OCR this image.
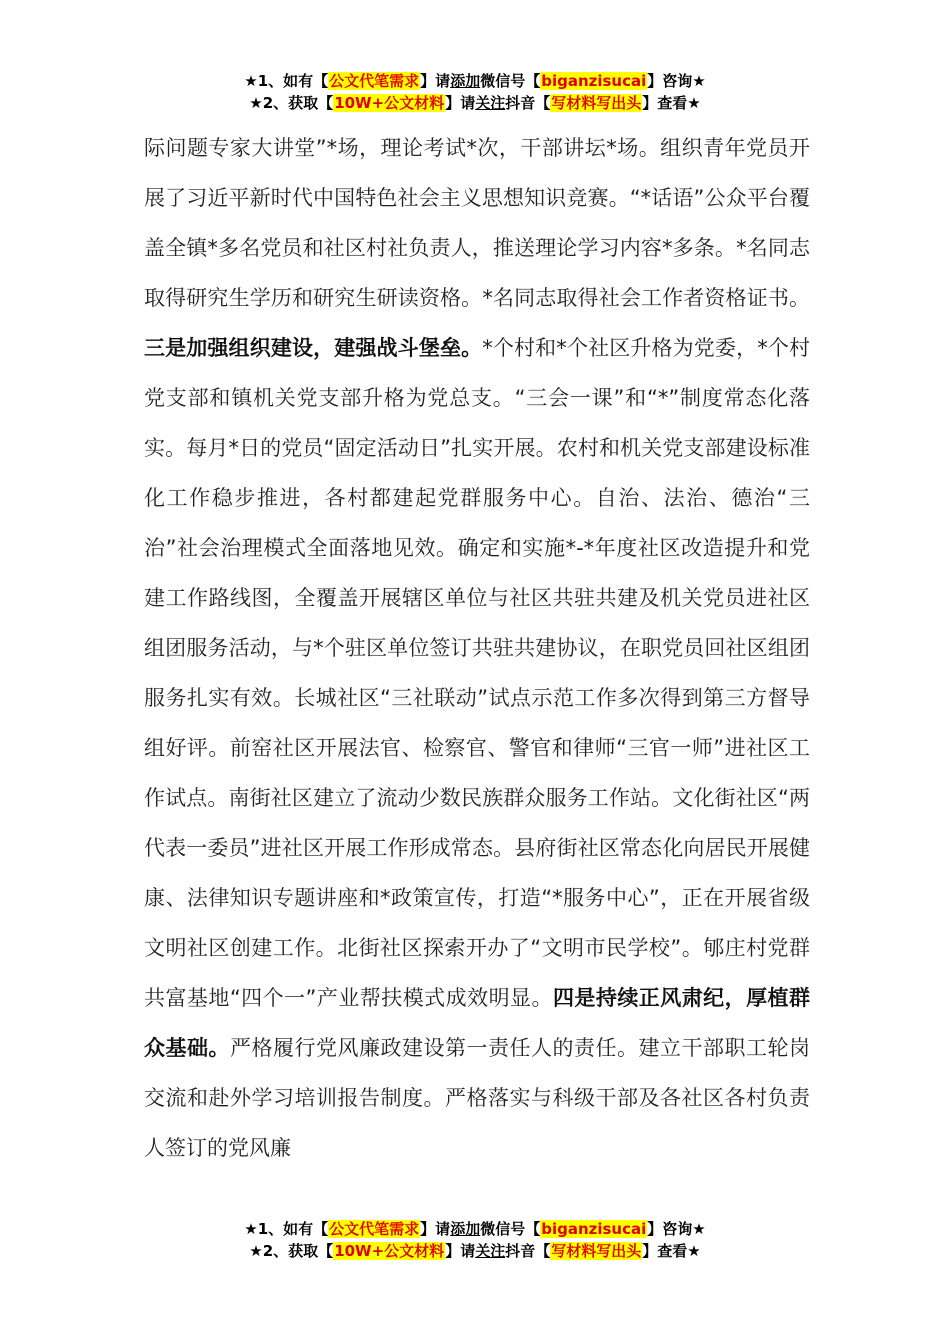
★1、如有【公文代笔需求】请添加微信号【biganzisucai】咨询★
★2、获取【10W+公文材料】请关注抖音【写材料写出头】查看★

际问题专家大讲堂”*场，理论考试*次，干部讲坛*场。组织青年党员开展了习近平新时代中国特色社会主义思想知识竞赛。“*话语”公众平台覆盖全镇*多名党员和社区村社负责人，推送理论学习内容*多条。*名同志取得研究生学历和研究生研读资格。*名同志取得社会工作者资格证书。三是加强组织建设，建强战斗堡垒。*个村和*个社区升格为党委，*个村党支部和镇机关党支部升格为党总支。“三会一课”和“*”制度常态化落实。每月*日的党员“固定活动日”扎实开展。农村和机关党支部建设标准化工作稳步推进，各村都建起党群服务中心。自治、法治、德治“三治”社会治理模式全面落地见效。确定和实施*-*年度社区改造提升和党建工作路线图，全覆盖开展辖区单位与社区共驻共建及机关党员进社区组团服务活动，与*个驻区单位签订共驻共建协议，在职党员回社区组团服务扎实有效。长城社区“三社联动”试点示范工作多次得到第三方督导组好评。前窑社区开展法官、检察官、警官和律师“三官一师”进社区工作试点。南街社区建立了流动少数民族群众服务工作站。文化街社区“两代表一委员”进社区开展工作形成常态。县府街社区常态化向居民开展健康、法律知识专题讲座和*政策宣传，打造“*服务中心”，正在开展省级文明社区创建工作。北街社区探索开办了“文明市民学校”。郇庄村党群共富基地“四个一”产业帮扶模式成效明显。四是持续正风肃纪，厚植群众基础。严格履行党风廉政建设第一责任人的责任。建立干部职工轮岗交流和赴外学习培训报告制度。严格落实与科级干部及各社区各村负责人签订的党风廉

★1、如有【公文代笔需求】请添加微信号【biganzisucai】咨询★
★2、获取【10W+公文材料】请关注抖音【写材料写出头】查看★
